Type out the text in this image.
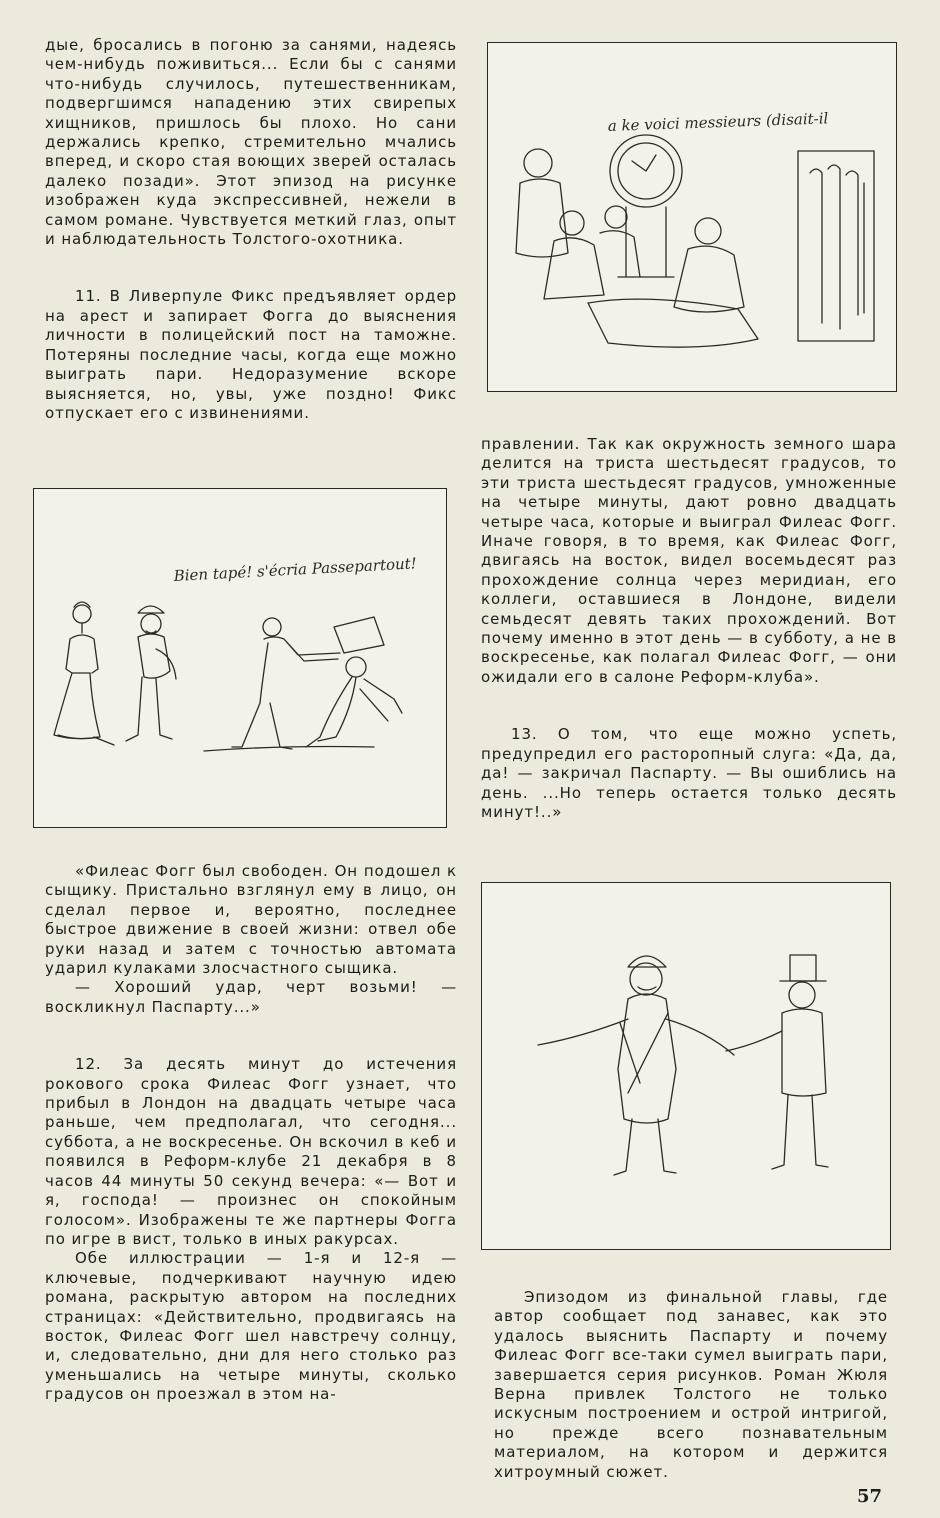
дые, бросались в погоню за санями, надеясь чем-нибудь поживиться... Если бы с санями что-нибудь случилось, путешественникам, подвергшимся нападению этих свирепых хищников, пришлось бы плохо. Но сани держались крепко, стремительно мчались вперед, и скоро стая воющих зверей осталась далеко позади». Этот эпизод на рисунке изображен куда экспрессивней, нежели в самом романе. Чувствуется меткий глаз, опыт и наблюдательность Толстого-охотника.

11. В Ливерпуле Фикс предъявляет ордер на арест и запирает Фогга до выяснения личности в полицейский пост на таможне. Потеряны последние часы, когда еще можно выиграть пари. Недоразумение вскоре выясняется, но, увы, уже поздно! Фикс отпускает его с извинениями.

Bien tapé! s'écria Passepartout!

«Филеас Фогг был свободен. Он подошел к сыщику. Пристально взглянул ему в лицо, он сделал первое и, вероятно, последнее быстрое движение в своей жизни: отвел обе руки назад и затем с точностью автомата ударил кулаками злосчастного сыщика.

— Хороший удар, черт возьми! — воскликнул Паспарту...»

12. За десять минут до истечения рокового срока Филеас Фогг узнает, что прибыл в Лондон на двадцать четыре часа раньше, чем предполагал, что сегодня... суббота, а не воскресенье. Он вскочил в кеб и появился в Реформ-клубе 21 декабря в 8 часов 44 минуты 50 секунд вечера: «— Вот и я, господа! — произнес он спокойным голосом». Изображены те же партнеры Фогга по игре в вист, только в иных ракурсах.

Обе иллюстрации — 1-я и 12-я — ключевые, подчеркивают научную идею романа, раскрытую автором на последних страницах: «Действительно, продвигаясь на восток, Филеас Фогг шел навстречу солнцу, и, следовательно, дни для него столько раз уменьшались на четыре минуты, сколько градусов он проезжал в этом на-

a ke voici messieurs (disait-il

правлении. Так как окружность земного шара делится на триста шестьдесят градусов, то эти триста шестьдесят градусов, умноженные на четыре минуты, дают ровно двадцать четыре часа, которые и выиграл Филеас Фогг. Иначе говоря, в то время, как Филеас Фогг, двигаясь на восток, видел восемьдесят раз прохождение солнца через меридиан, его коллеги, оставшиеся в Лондоне, видели семьдесят девять таких прохождений. Вот почему именно в этот день — в субботу, а не в воскресенье, как полагал Филеас Фогг, — они ожидали его в салоне Реформ-клуба».

13. О том, что еще можно успеть, предупредил его расторопный слуга: «Да, да, да! — закричал Паспарту. — Вы ошиблись на день. ...Но теперь остается только десять минут!..»

Эпизодом из финальной главы, где автор сообщает под занавес, как это удалось выяснить Паспарту и почему Филеас Фогг все-таки сумел выиграть пари, завершается серия рисунков. Роман Жюля Верна привлек Толстого не только искусным построением и острой интригой, но прежде всего познавательным материалом, на котором и держится хитроумный сюжет.

57
